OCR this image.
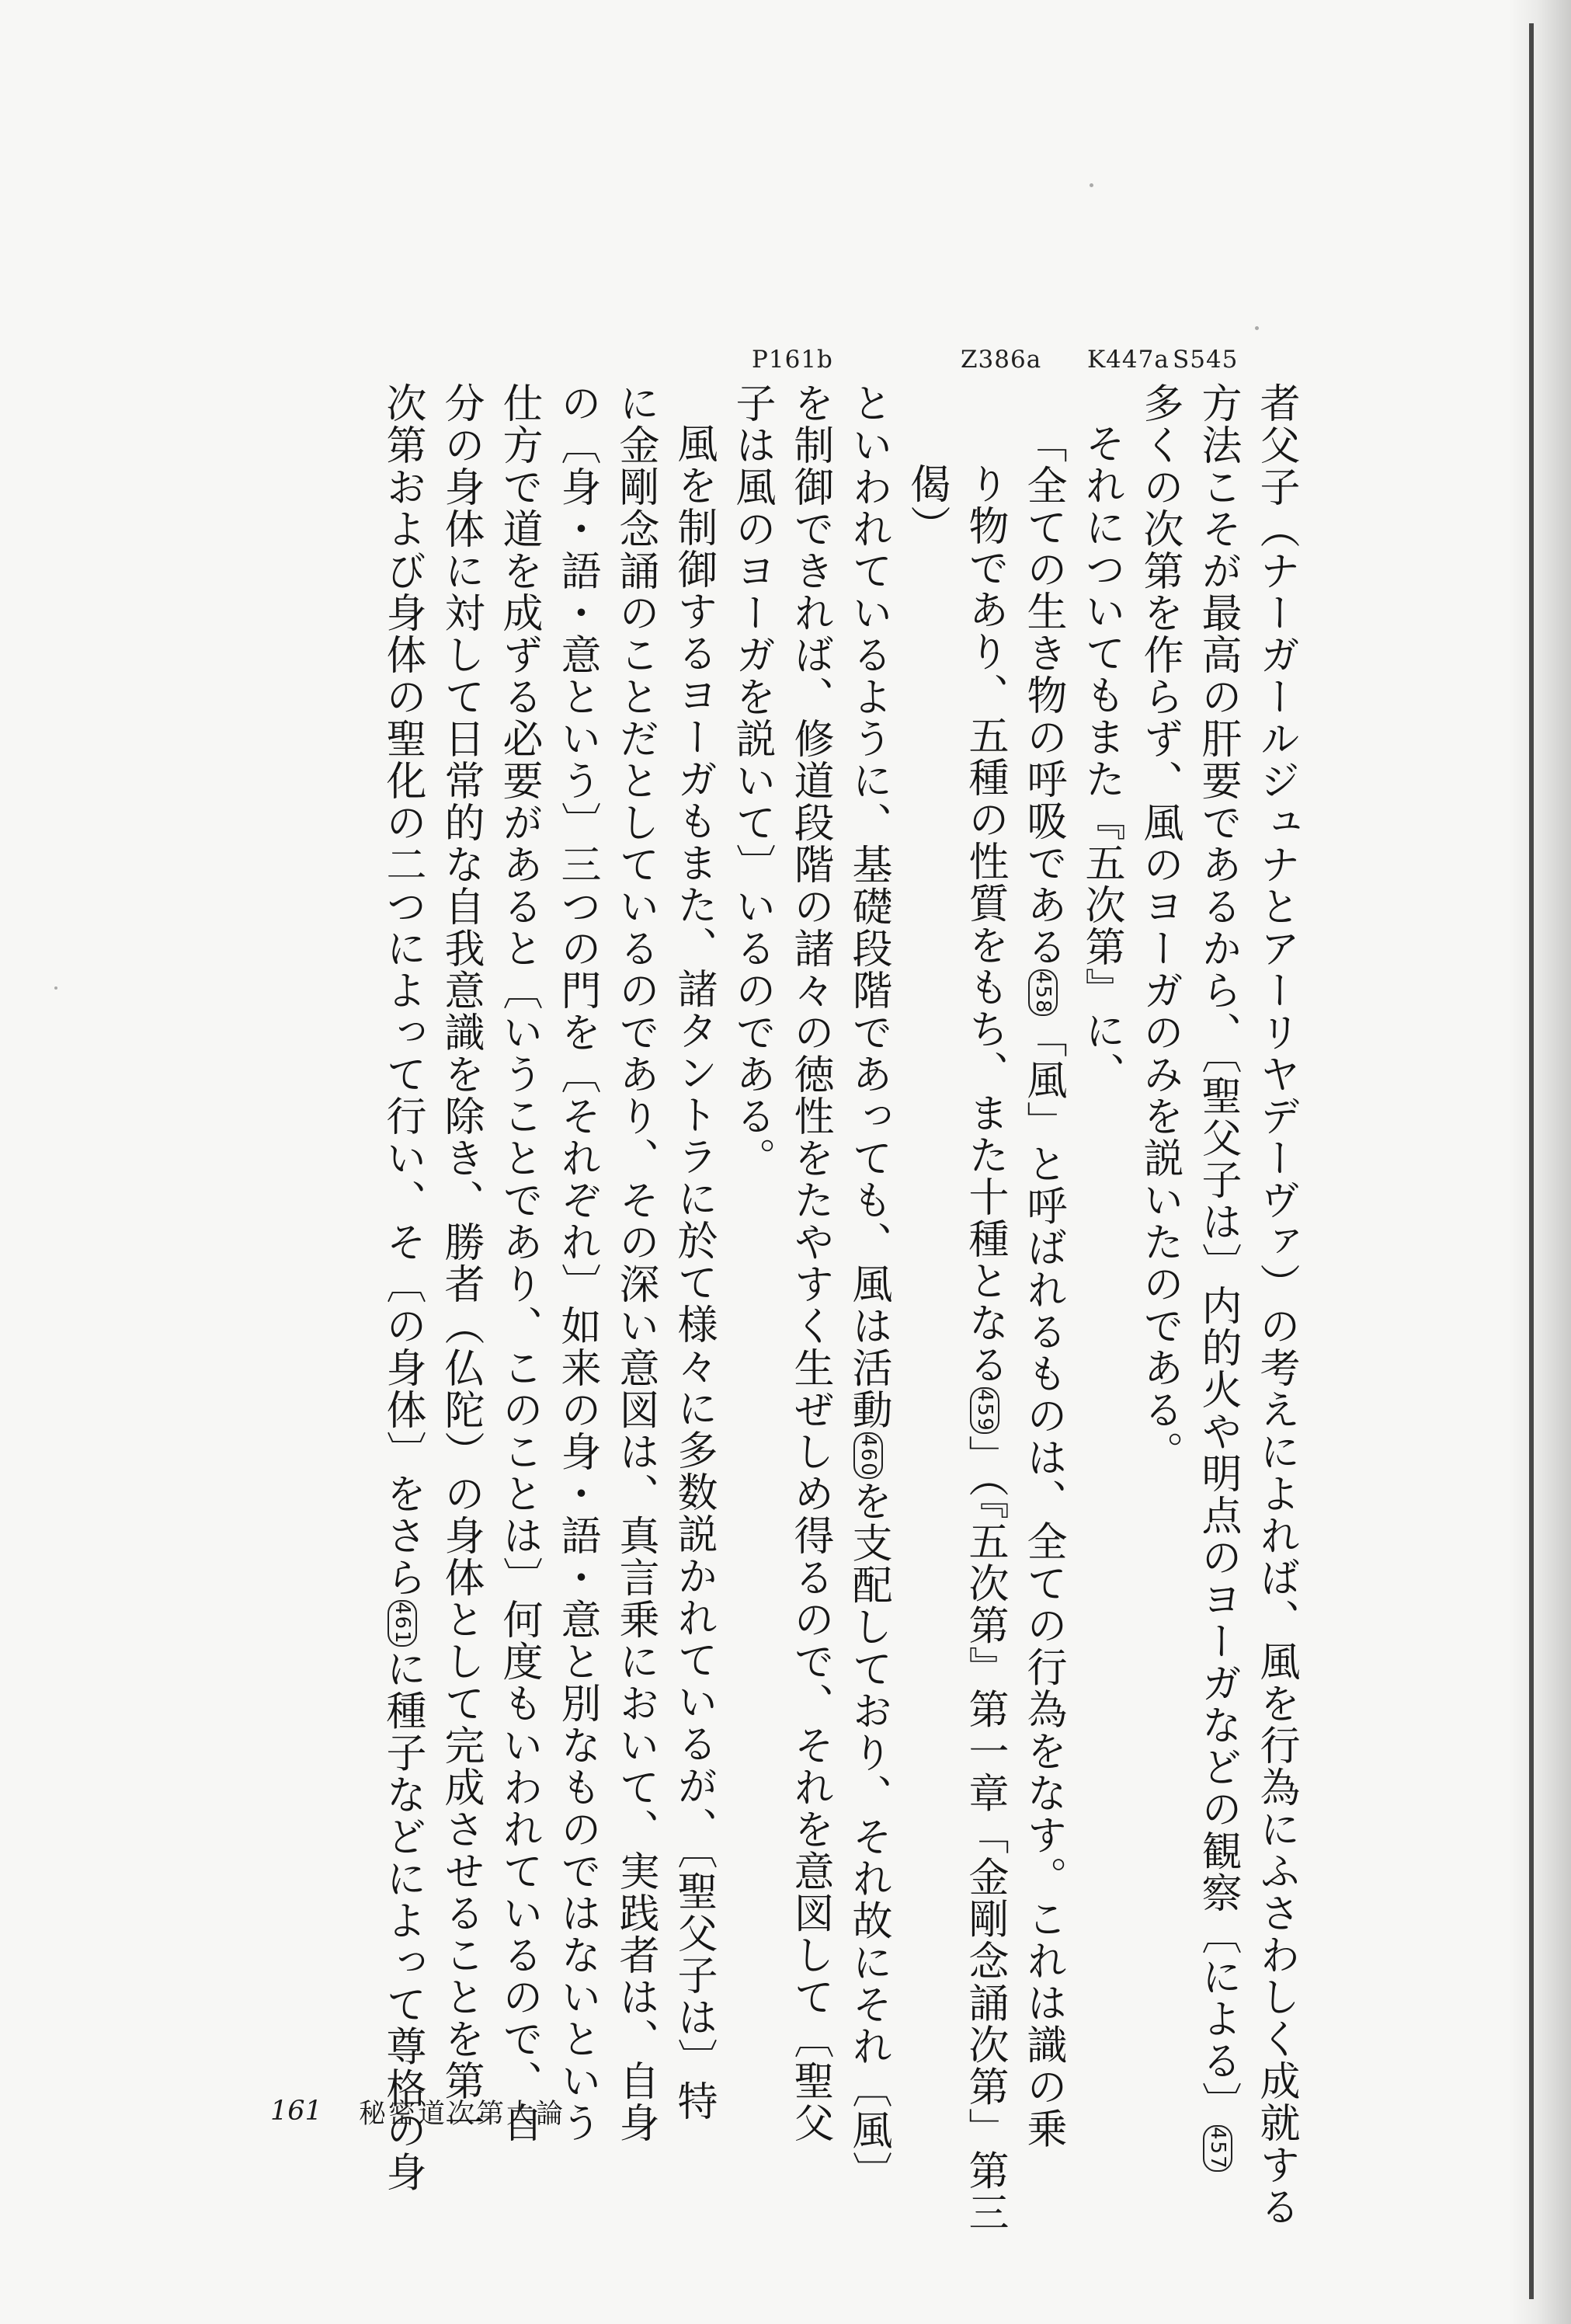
K447a S545
Z386a
P161b
者父子（ナーガールジュナとアーリヤデーヴァ）の考えによれば、風を行為にふさわしく成就する
方法こそが最高の肝要であるから、〔聖父子は〕内的火や明点のヨーガなどの観察〔による〕457
多くの次第を作らず、風のヨーガのみを説いたのである。
それについてもまた『五次第』に、
「全ての生き物の呼吸である458「風」と呼ばれるものは、全ての行為をなす。これは識の乗
り物であり、五種の性質をもち、また十種となる459」（『五次第』第一章「金剛念誦次第」第三
偈）
といわれているように、基礎段階であっても、風は活動460を支配しており、それ故にそれ〔風〕
を制御できれば、修道段階の諸々の徳性をたやすく生ぜしめ得るので、それを意図して〔聖父
子は風のヨーガを説いて〕いるのである。
風を制御するヨーガもまた、諸タントラに於て様々に多数説かれているが、〔聖父子は〕特
に金剛念誦のことだとしているのであり、その深い意図は、真言乗において、実践者は、自身
の〔身・語・意という〕三つの門を〔それぞれ〕如来の身・語・意と別なものではないという
仕方で道を成ずる必要があると〔いうことであり、このことは〕何度もいわれているので、自
分の身体に対して日常的な自我意識を除き、勝者（仏陀）の身体として完成させることを第一
次第および身体の聖化の二つによって行い、そ〔の身体〕をさら461に種子などによって尊格の身
161 秘密道次第大論
